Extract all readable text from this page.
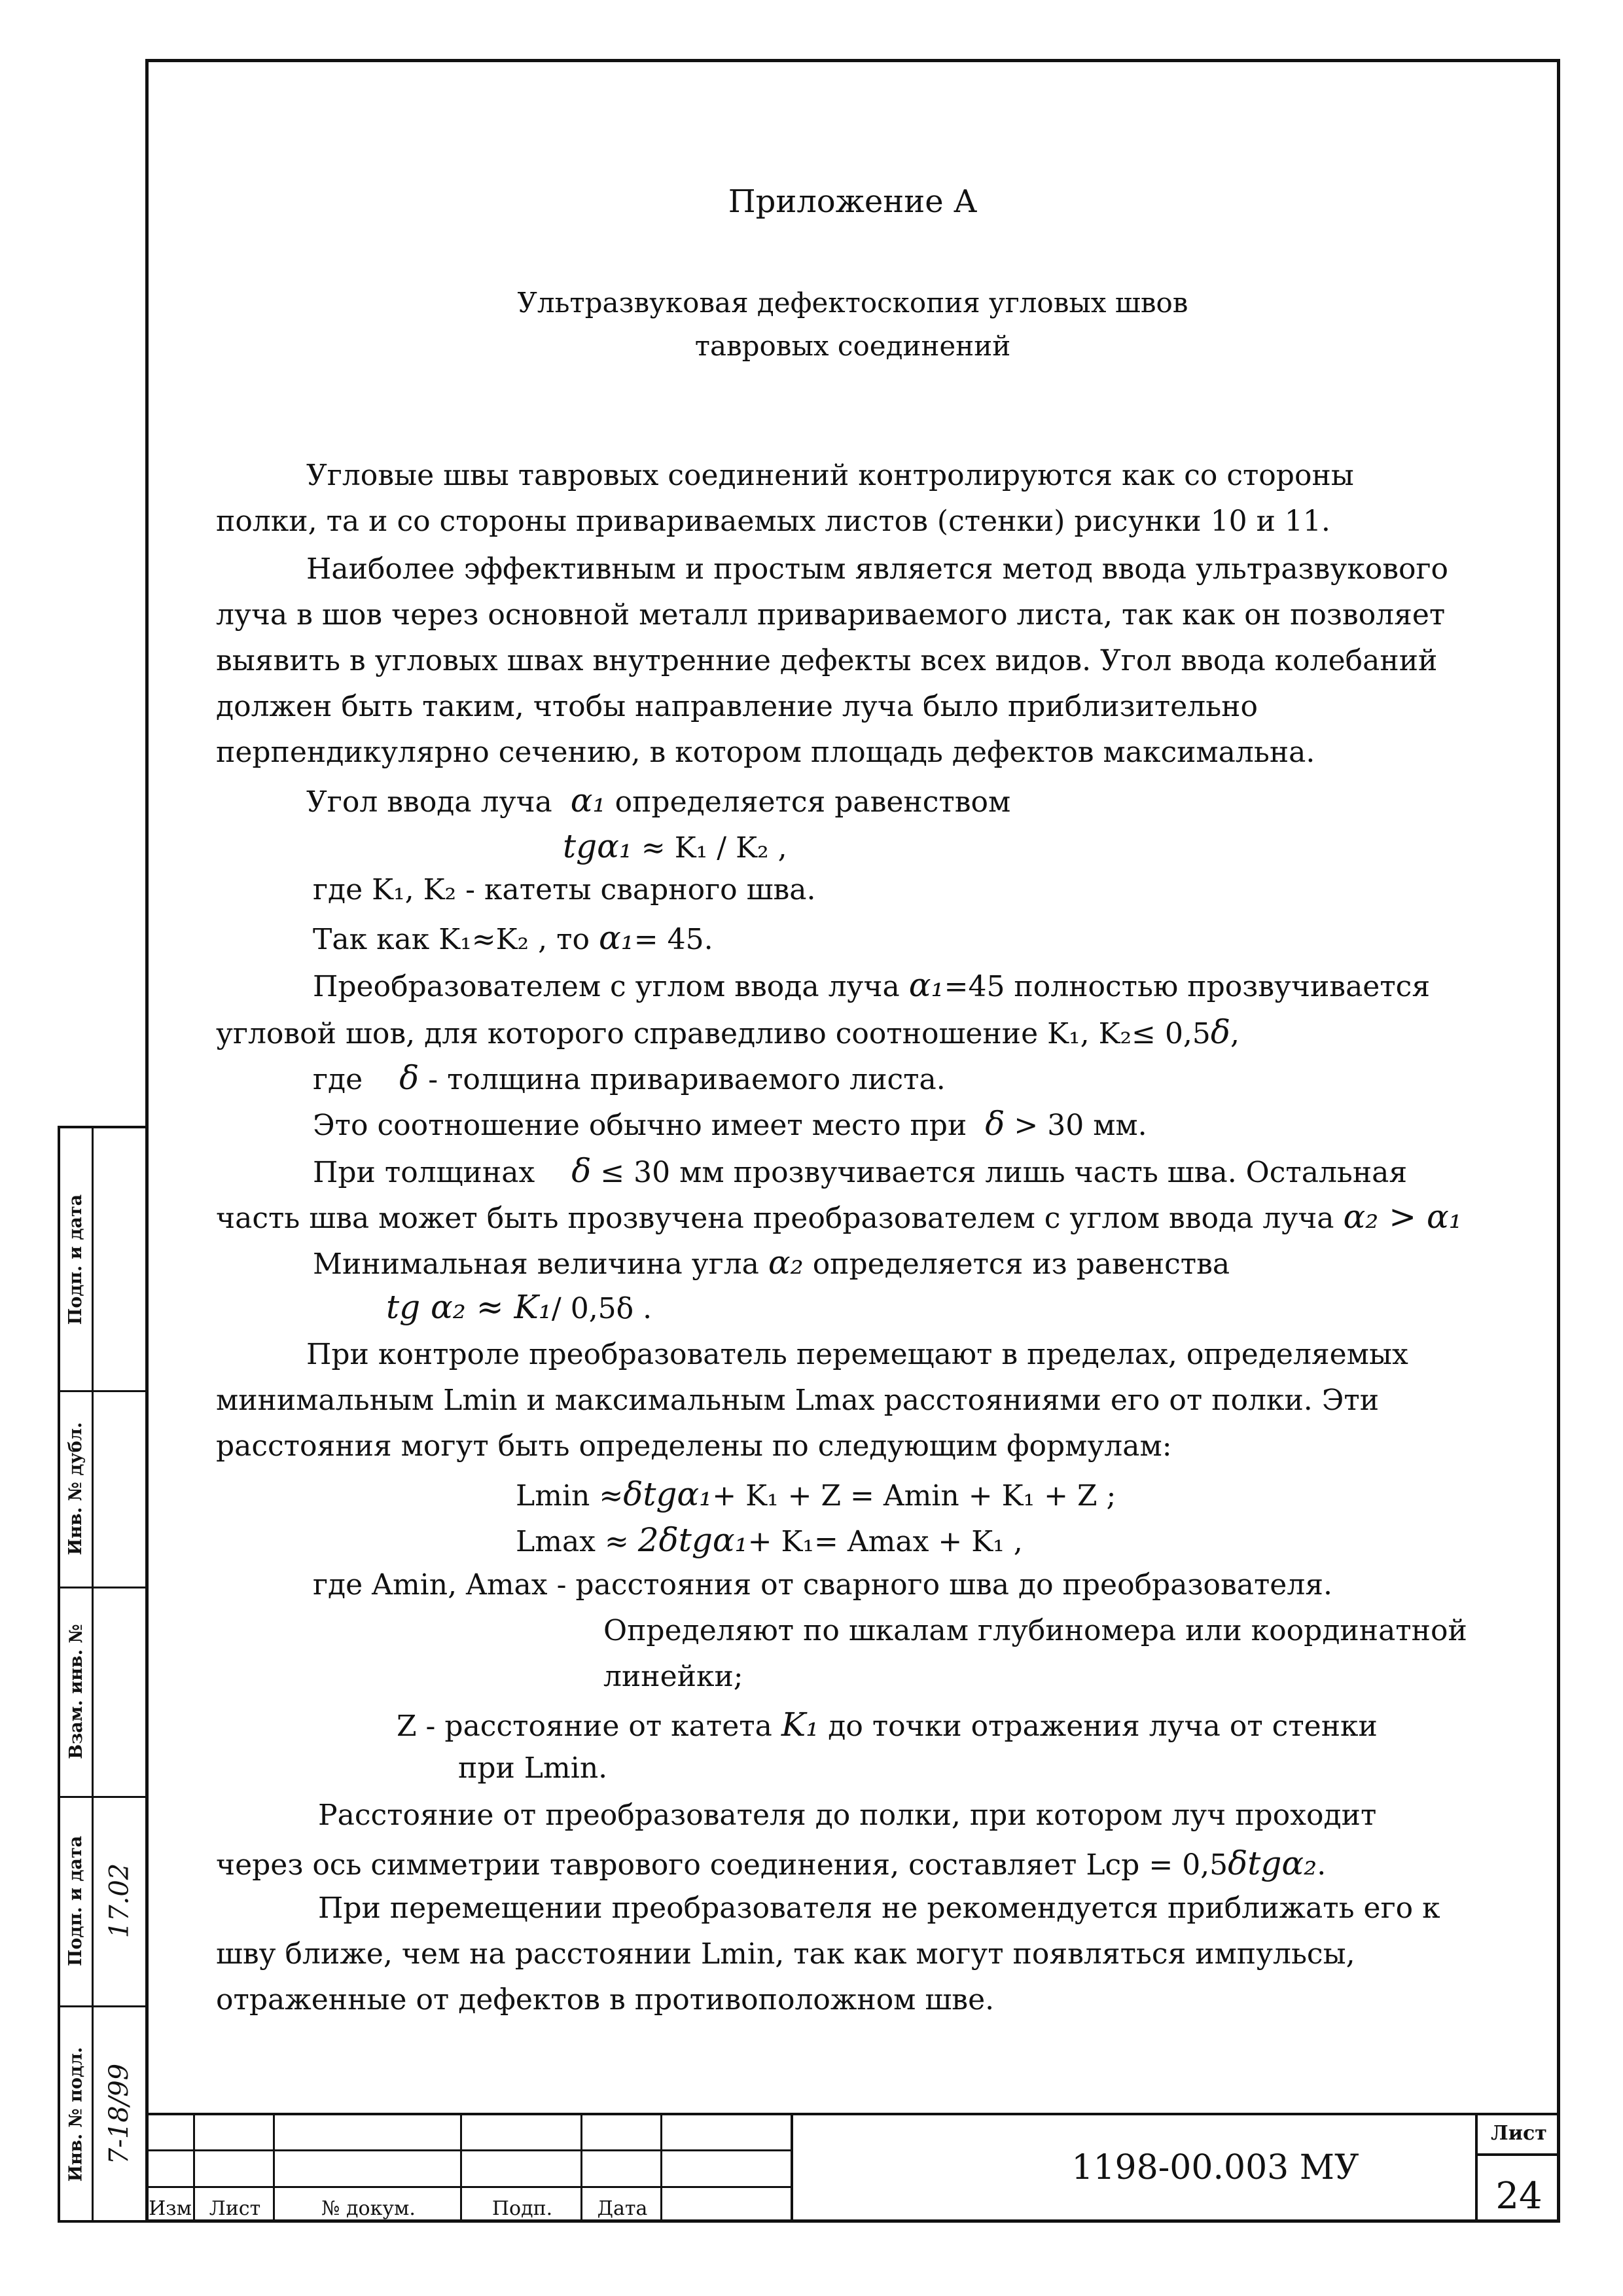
Приложение А
Ультразвуковая дефектоскопия угловых швов
тавровых соединений
Угловые швы тавровых соединений контролируются как со стороны
полки, та и со стороны привариваемых листов (стенки) рисунки 10 и 11.
Наиболее эффективным и простым является метод ввода ультразвукового
луча в шов через основной металл привариваемого листа, так как он позволяет
выявить в угловых швах внутренние дефекты всех видов. Угол ввода колебаний
должен быть таким, чтобы направление луча было приблизительно
перпендикулярно сечению, в котором площадь дефектов максимальна.
Угол ввода луча α₁ определяется равенством
tgα₁ ≈ K₁ / K₂ ,
где K₁, K₂ - катеты сварного шва.
Так как K₁≈K₂ , то α₁= 45.
Преобразователем с углом ввода луча α₁=45 полностью прозвучивается
угловой шов, для которого справедливо соотношение K₁, K₂≤ 0,5δ,
где δ - толщина привариваемого листа.
Это соотношение обычно имеет место при δ > 30 мм.
При толщинах δ ≤ 30 мм прозвучивается лишь часть шва. Остальная
часть шва может быть прозвучена преобразователем с углом ввода луча α₂ > α₁
Минимальная величина угла α₂ определяется из равенства
tg α₂ ≈ K₁/ 0,5δ .
При контроле преобразователь перемещают в пределах, определяемых
минимальным Lmin и максимальным Lmax расстояниями его от полки. Эти
расстояния могут быть определены по следующим формулам:
Lmin ≈δtgα₁+ K₁ + Z = Amin + K₁ + Z ;
Lmax ≈ 2δtgα₁+ K₁= Amax + K₁ ,
где Amin, Amax - расстояния от сварного шва до преобразователя.
Определяют по шкалам глубиномера или координатной
линейки;
Z - расстояние от катета K₁ до точки отражения луча от стенки
при Lmin.
Расстояние от преобразователя до полки, при котором луч проходит
через ось симметрии таврового соединения, составляет Lcp = 0,5δtgα₂.
При перемещении преобразователя не рекомендуется приближать его к
шву ближе, чем на расстоянии Lmin, так как могут появляться импульсы,
отраженные от дефектов в противоположном шве.
Подп. и дата
Инв. № дубл.
Взам. инв. №
Подп. и дата
Инв. № подл.
17.02
7-18/99
Изм Лист	№ докум.	Подп.	Дата
1198-00.003 МУ
Лист
24
